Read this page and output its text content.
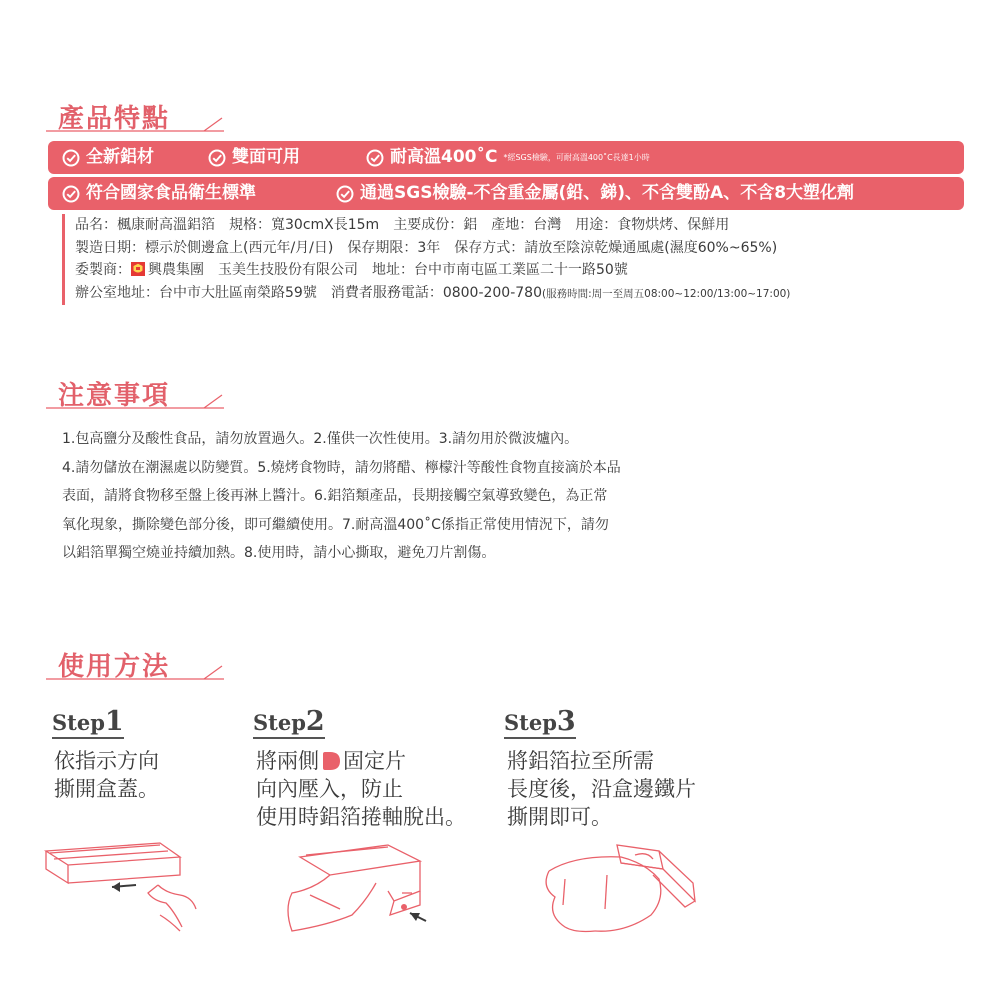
產品特點
全新鋁材	雙面可用	耐高溫400˚C *經SGS檢驗，可耐高溫400˚C長達1小時
符合國家食品衛生標準	通過SGS檢驗-不含重金屬(鉛、銻)、不含雙酚A、不含8大塑化劑
品名：楓康耐高溫鋁箔　規格：寬30cmX長15m　主要成份：鋁　產地：台灣　用途：食物烘烤、保鮮用
製造日期：標示於側邊盒上(西元年/月/日)　保存期限：3年　保存方式：請放至陰涼乾燥通風處(濕度60%~65%)
委製商： 興農集團　玉美生技股份有限公司　地址：台中市南屯區工業區二十一路50號
辦公室地址：台中市大肚區南榮路59號　消費者服務電話：0800-200-780(服務時間:周一至周五08:00~12:00/13:00~17:00)
注意事項
1.包高鹽分及酸性食品，請勿放置過久。2.僅供一次性使用。3.請勿用於微波爐內。
4.請勿儲放在潮濕處以防變質。5.燒烤食物時，請勿將醋、檸檬汁等酸性食物直接滴於本品
表面，請將食物移至盤上後再淋上醬汁。6.鋁箔類產品，長期接觸空氣導致變色，為正常
氧化現象，撕除變色部分後，即可繼續使用。7.耐高溫400˚C係指正常使用情況下，請勿
以鋁箔單獨空燒並持續加熱。8.使用時，請小心撕取，避免刀片割傷。
使用方法
Step1
依指示方向
撕開盒蓋。
Step2
將兩側 固定片
向內壓入，防止
使用時鋁箔捲軸脫出。
Step3
將鋁箔拉至所需
長度後，沿盒邊鐵片
撕開即可。
